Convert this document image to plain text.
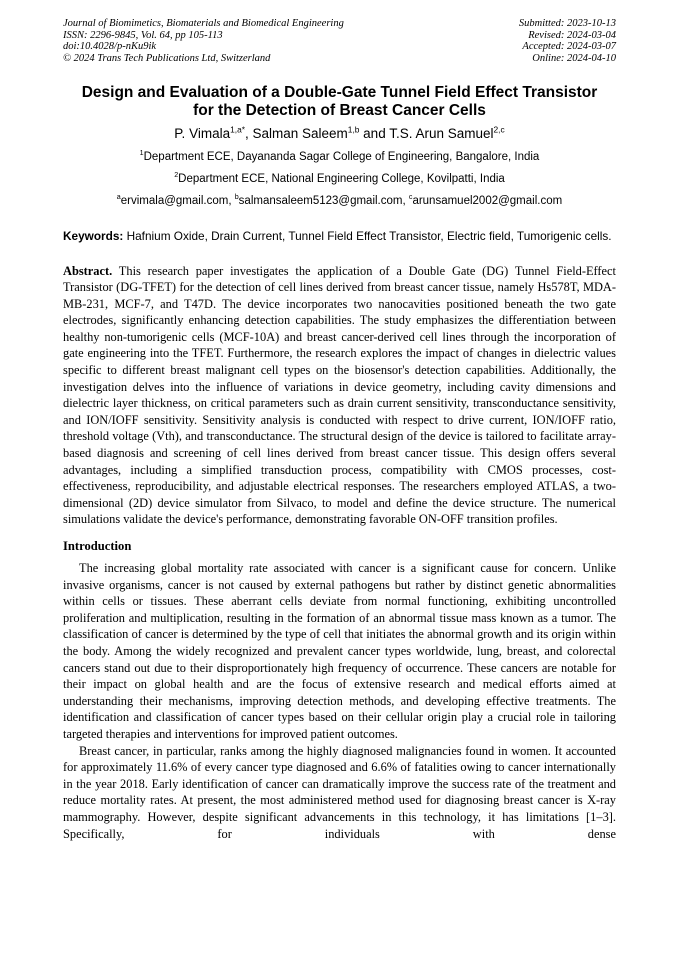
Journal of Biomimetics, Biomaterials and Biomedical Engineering
ISSN: 2296-9845, Vol. 64, pp 105-113
doi:10.4028/p-nKu9ik
© 2024 Trans Tech Publications Ltd, Switzerland
Submitted: 2023-10-13
Revised: 2024-03-04
Accepted: 2024-03-07
Online: 2024-04-10
Design and Evaluation of a Double-Gate Tunnel Field Effect Transistor
for the Detection of Breast Cancer Cells
P. Vimala$^{1,a*}$, Salman Saleem$^{1,b}$ and T.S. Arun Samuel$^{2,c}$
$^1$Department ECE, Dayananda Sagar College of Engineering, Bangalore, India
$^2$Department ECE, National Engineering College, Kovilpatti, India
$^a$ervimala@gmail.com, $^b$salmansaleem5123@gmail.com, $^c$arunsamuel2002@gmail.com

Keywords: Hafnium Oxide, Drain Current, Tunnel Field Effect Transistor, Electric field, Tumorigenic cells.

Abstract. This research paper investigates the application of a Double Gate (DG) Tunnel Field-Effect Transistor (DG-TFET) for the detection of cell lines derived from breast cancer tissue, namely Hs578T, MDA-MB-231, MCF-7, and T47D. The device incorporates two nanocavities positioned beneath the two gate electrodes, significantly enhancing detection capabilities. The study emphasizes the differentiation between healthy non-tumorigenic cells (MCF-10A) and breast cancer-derived cell lines through the incorporation of gate engineering into the TFET. Furthermore, the research explores the impact of changes in dielectric values specific to different breast malignant cell types on the biosensor's detection capabilities. Additionally, the investigation delves into the influence of variations in device geometry, including cavity dimensions and dielectric layer thickness, on critical parameters such as drain current sensitivity, transconductance sensitivity, and ION/IOFF sensitivity. Sensitivity analysis is conducted with respect to drive current, ION/IOFF ratio, threshold voltage (Vth), and transconductance. The structural design of the device is tailored to facilitate array-based diagnosis and screening of cell lines derived from breast cancer tissue. This design offers several advantages, including a simplified transduction process, compatibility with CMOS processes, cost-effectiveness, reproducibility, and adjustable electrical responses. The researchers employed ATLAS, a two-dimensional (2D) device simulator from Silvaco, to model and define the device structure. The numerical simulations validate the device's performance, demonstrating favorable ON-OFF transition profiles.

Introduction

The increasing global mortality rate associated with cancer is a significant cause for concern. Unlike invasive organisms, cancer is not caused by external pathogens but rather by distinct genetic abnormalities within cells or tissues. These aberrant cells deviate from normal functioning, exhibiting uncontrolled proliferation and multiplication, resulting in the formation of an abnormal tissue mass known as a tumor. The classification of cancer is determined by the type of cell that initiates the abnormal growth and its origin within the body. Among the widely recognized and prevalent cancer types worldwide, lung, breast, and colorectal cancers stand out due to their disproportionately high frequency of occurrence. These cancers are notable for their impact on global health and are the focus of extensive research and medical efforts aimed at understanding their mechanisms, improving detection methods, and developing effective treatments. The identification and classification of cancer types based on their cellular origin play a crucial role in tailoring targeted therapies and interventions for improved patient outcomes.

Breast cancer, in particular, ranks among the highly diagnosed malignancies found in women. It accounted for approximately 11.6% of every cancer type diagnosed and 6.6% of fatalities owing to cancer internationally in the year 2018. Early identification of cancer can dramatically improve the success rate of the treatment and reduce mortality rates. At present, the most administered method used for diagnosing breast cancer is X-ray mammography. However, despite significant advancements in this technology, it has limitations [1–3]. Specifically, for individuals with dense
